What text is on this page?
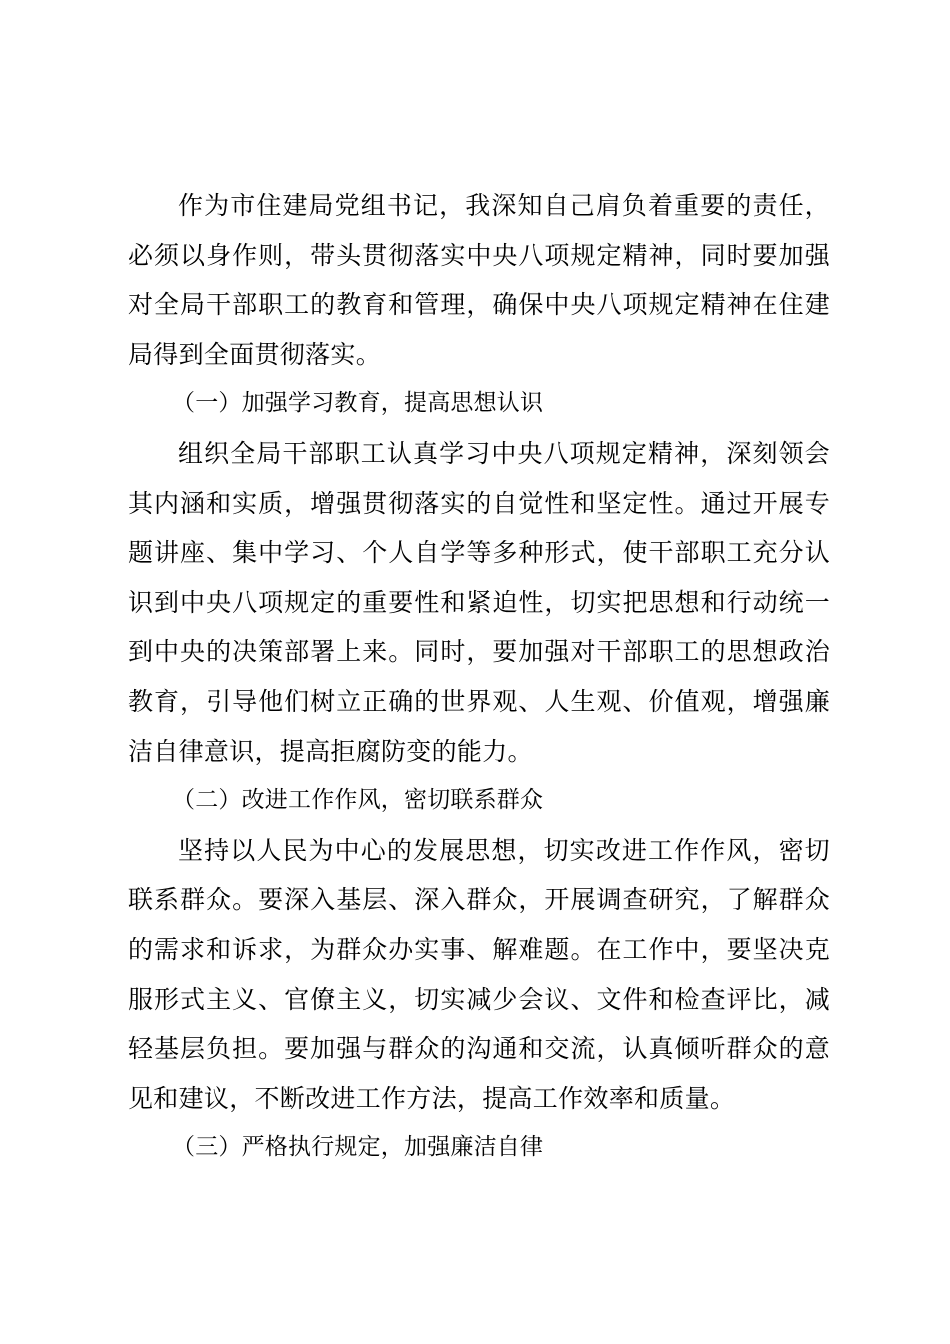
作为市住建局党组书记，我深知自己肩负着重要的责任，必须以身作则，带头贯彻落实中央八项规定精神，同时要加强对全局干部职工的教育和管理，确保中央八项规定精神在住建局得到全面贯彻落实。

（一）加强学习教育，提高思想认识

组织全局干部职工认真学习中央八项规定精神，深刻领会其内涵和实质，增强贯彻落实的自觉性和坚定性。通过开展专题讲座、集中学习、个人自学等多种形式，使干部职工充分认识到中央八项规定的重要性和紧迫性，切实把思想和行动统一到中央的决策部署上来。同时，要加强对干部职工的思想政治教育，引导他们树立正确的世界观、人生观、价值观，增强廉洁自律意识，提高拒腐防变的能力。

（二）改进工作作风，密切联系群众

坚持以人民为中心的发展思想，切实改进工作作风，密切联系群众。要深入基层、深入群众，开展调查研究，了解群众的需求和诉求，为群众办实事、解难题。在工作中，要坚决克服形式主义、官僚主义，切实减少会议、文件和检查评比，减轻基层负担。要加强与群众的沟通和交流，认真倾听群众的意见和建议，不断改进工作方法，提高工作效率和质量。

（三）严格执行规定，加强廉洁自律
